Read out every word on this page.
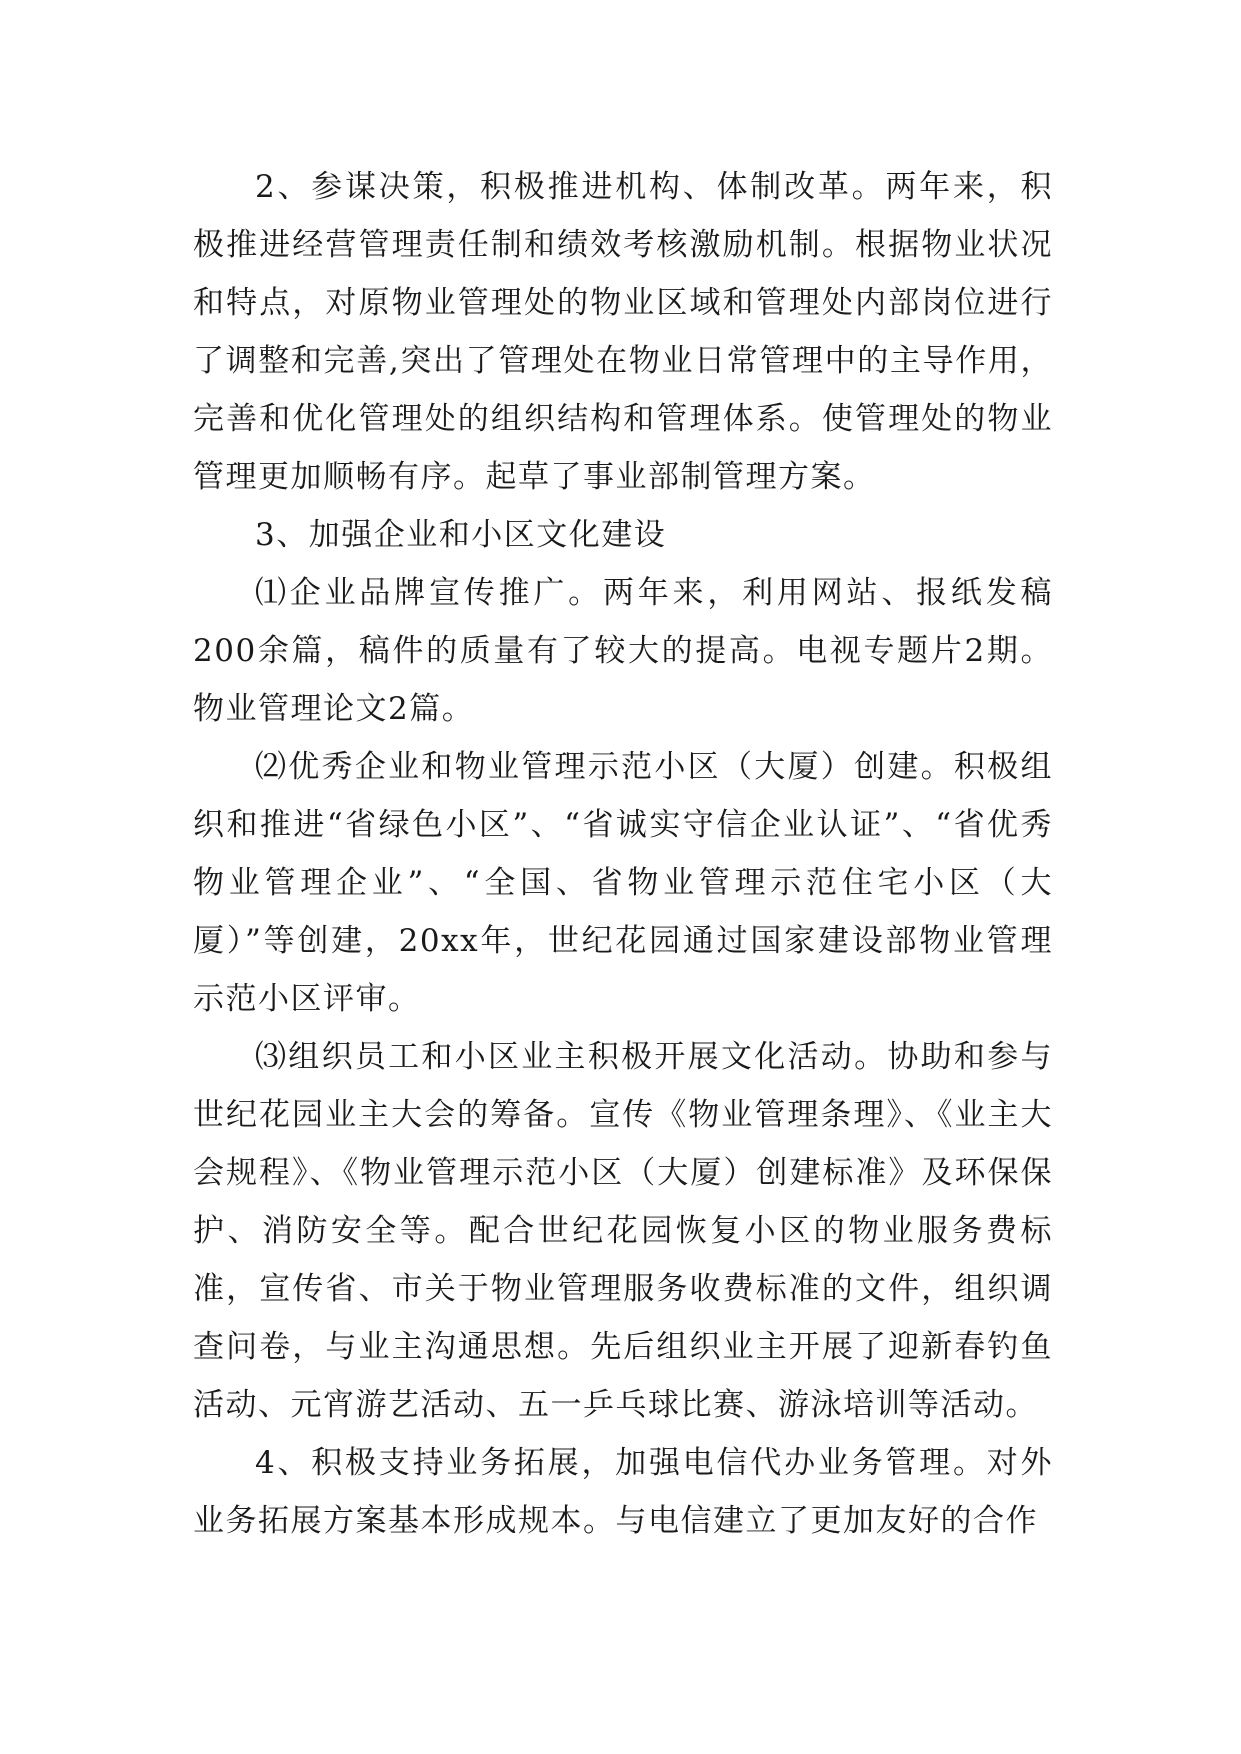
2、参谋决策，积极推进机构、体制改革。两年来，积极推进经营管理责任制和绩效考核激励机制。根据物业状况和特点，对原物业管理处的物业区域和管理处内部岗位进行了调整和完善,突出了管理处在物业日常管理中的主导作用，完善和优化管理处的组织结构和管理体系。使管理处的物业管理更加顺畅有序。起草了事业部制管理方案。

3、加强企业和小区文化建设

⑴企业品牌宣传推广。两年来，利用网站、报纸发稿200余篇，稿件的质量有了较大的提高。电视专题片2期。物业管理论文2篇。

⑵优秀企业和物业管理示范小区（大厦）创建。积极组织和推进“省绿色小区”、“省诚实守信企业认证”、“省优秀物业管理企业”、“全国、省物业管理示范住宅小区（大厦）”等创建，20xx年，世纪花园通过国家建设部物业管理示范小区评审。

⑶组织员工和小区业主积极开展文化活动。协助和参与世纪花园业主大会的筹备。宣传《物业管理条理》、《业主大会规程》、《物业管理示范小区（大厦）创建标准》及环保保护、消防安全等。配合世纪花园恢复小区的物业服务费标准，宣传省、市关于物业管理服务收费标准的文件，组织调查问卷，与业主沟通思想。先后组织业主开展了迎新春钓鱼活动、元宵游艺活动、五一乒乓球比赛、游泳培训等活动。

4、积极支持业务拓展，加强电信代办业务管理。对外业务拓展方案基本形成规本。与电信建立了更加友好的合作
